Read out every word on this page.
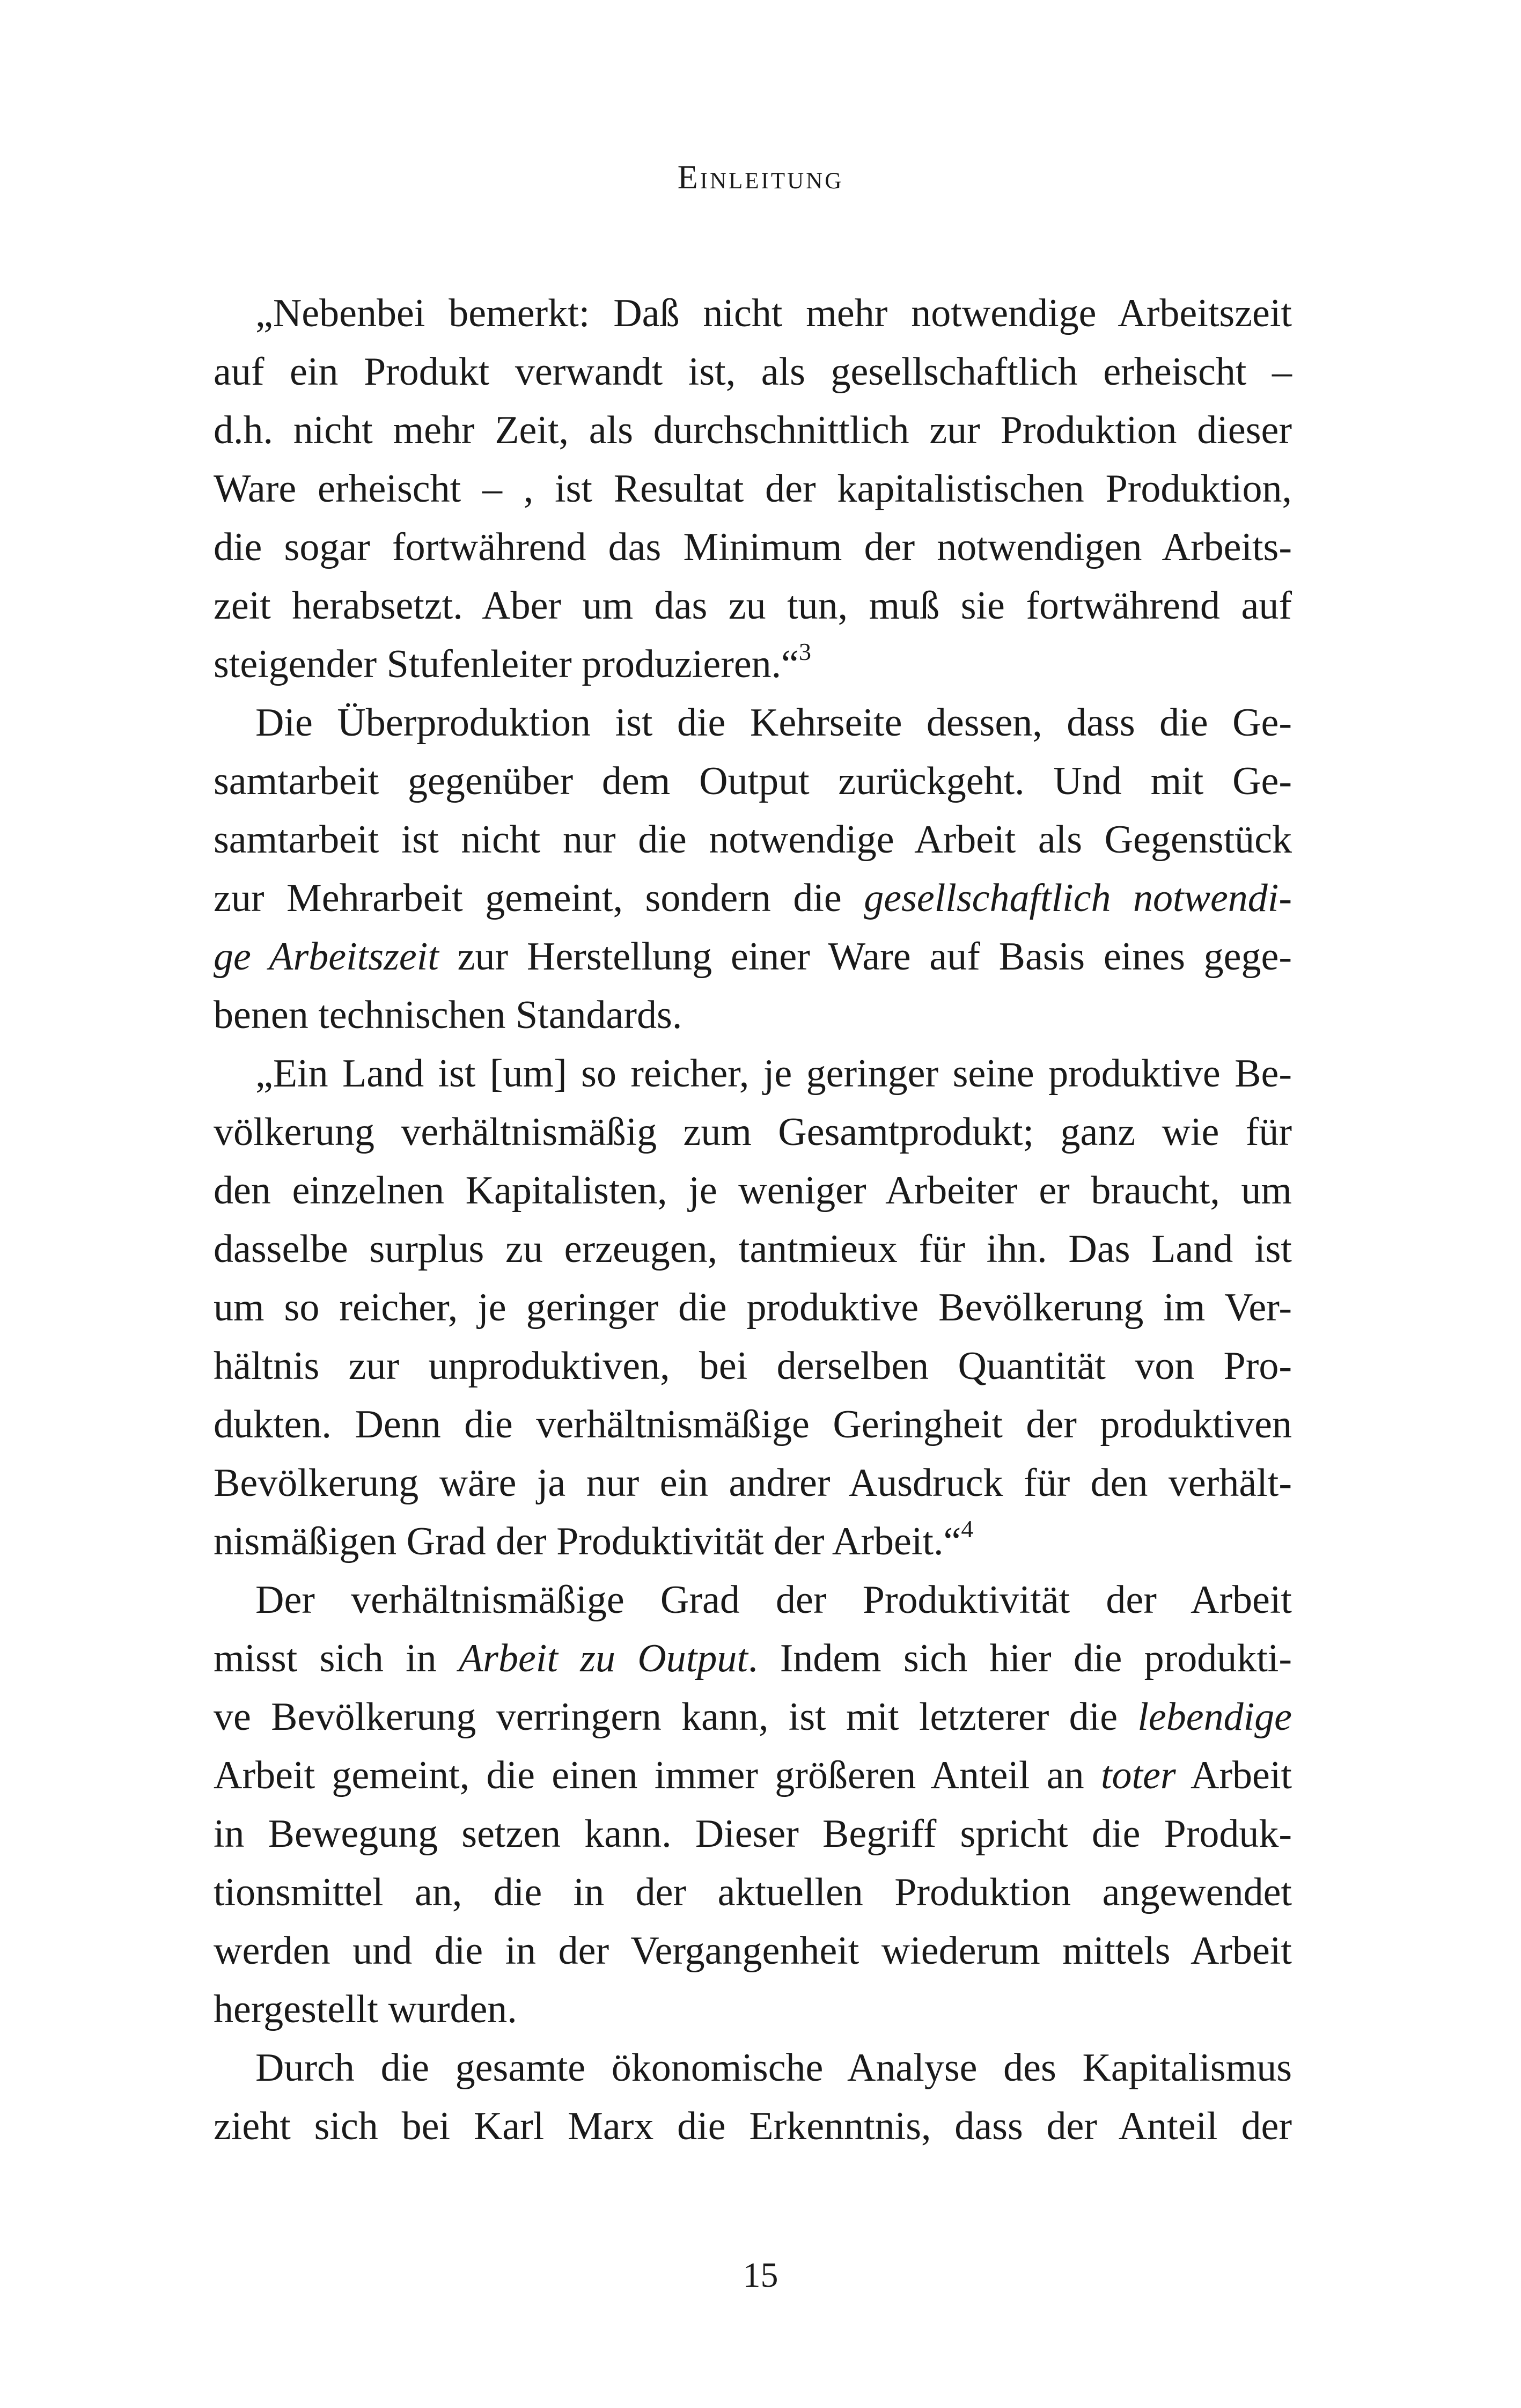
Einleitung
„Nebenbei bemerkt: Daß nicht mehr notwendige Arbeitszeit
auf ein Produkt verwandt ist, als gesellschaftlich erheischt –
d.h. nicht mehr Zeit, als durchschnittlich zur Produktion dieser
Ware erheischt – , ist Resultat der kapitalistischen Produktion,
die sogar fortwährend das Minimum der notwendigen Arbeits-
zeit herabsetzt. Aber um das zu tun, muß sie fortwährend auf
steigender Stufenleiter produzieren.“$^3$
Die Überproduktion ist die Kehrseite dessen, dass die Ge-
samtarbeit gegenüber dem Output zurückgeht. Und mit Ge-
samtarbeit ist nicht nur die notwendige Arbeit als Gegenstück
zur Mehrarbeit gemeint, sondern die gesellschaftlich notwendi-
ge Arbeitszeit zur Herstellung einer Ware auf Basis eines gege-
benen technischen Standards.
„Ein Land ist [um] so reicher, je geringer seine produktive Be-
völkerung verhältnismäßig zum Gesamtprodukt; ganz wie für
den einzelnen Kapitalisten, je weniger Arbeiter er braucht, um
dasselbe surplus zu erzeugen, tantmieux für ihn. Das Land ist
um so reicher, je geringer die produktive Bevölkerung im Ver-
hältnis zur unproduktiven, bei derselben Quantität von Pro-
dukten. Denn die verhältnismäßige Geringheit der produktiven
Bevölkerung wäre ja nur ein andrer Ausdruck für den verhält-
nismäßigen Grad der Produktivität der Arbeit.“$^4$
Der verhältnismäßige Grad der Produktivität der Arbeit
misst sich in Arbeit zu Output. Indem sich hier die produkti-
ve Bevölkerung verringern kann, ist mit letzterer die lebendige
Arbeit gemeint, die einen immer größeren Anteil an toter Arbeit
in Bewegung setzen kann. Dieser Begriff spricht die Produk-
tionsmittel an, die in der aktuellen Produktion angewendet
werden und die in der Vergangenheit wiederum mittels Arbeit
hergestellt wurden.
Durch die gesamte ökonomische Analyse des Kapitalismus
zieht sich bei Karl Marx die Erkenntnis, dass der Anteil der
15
